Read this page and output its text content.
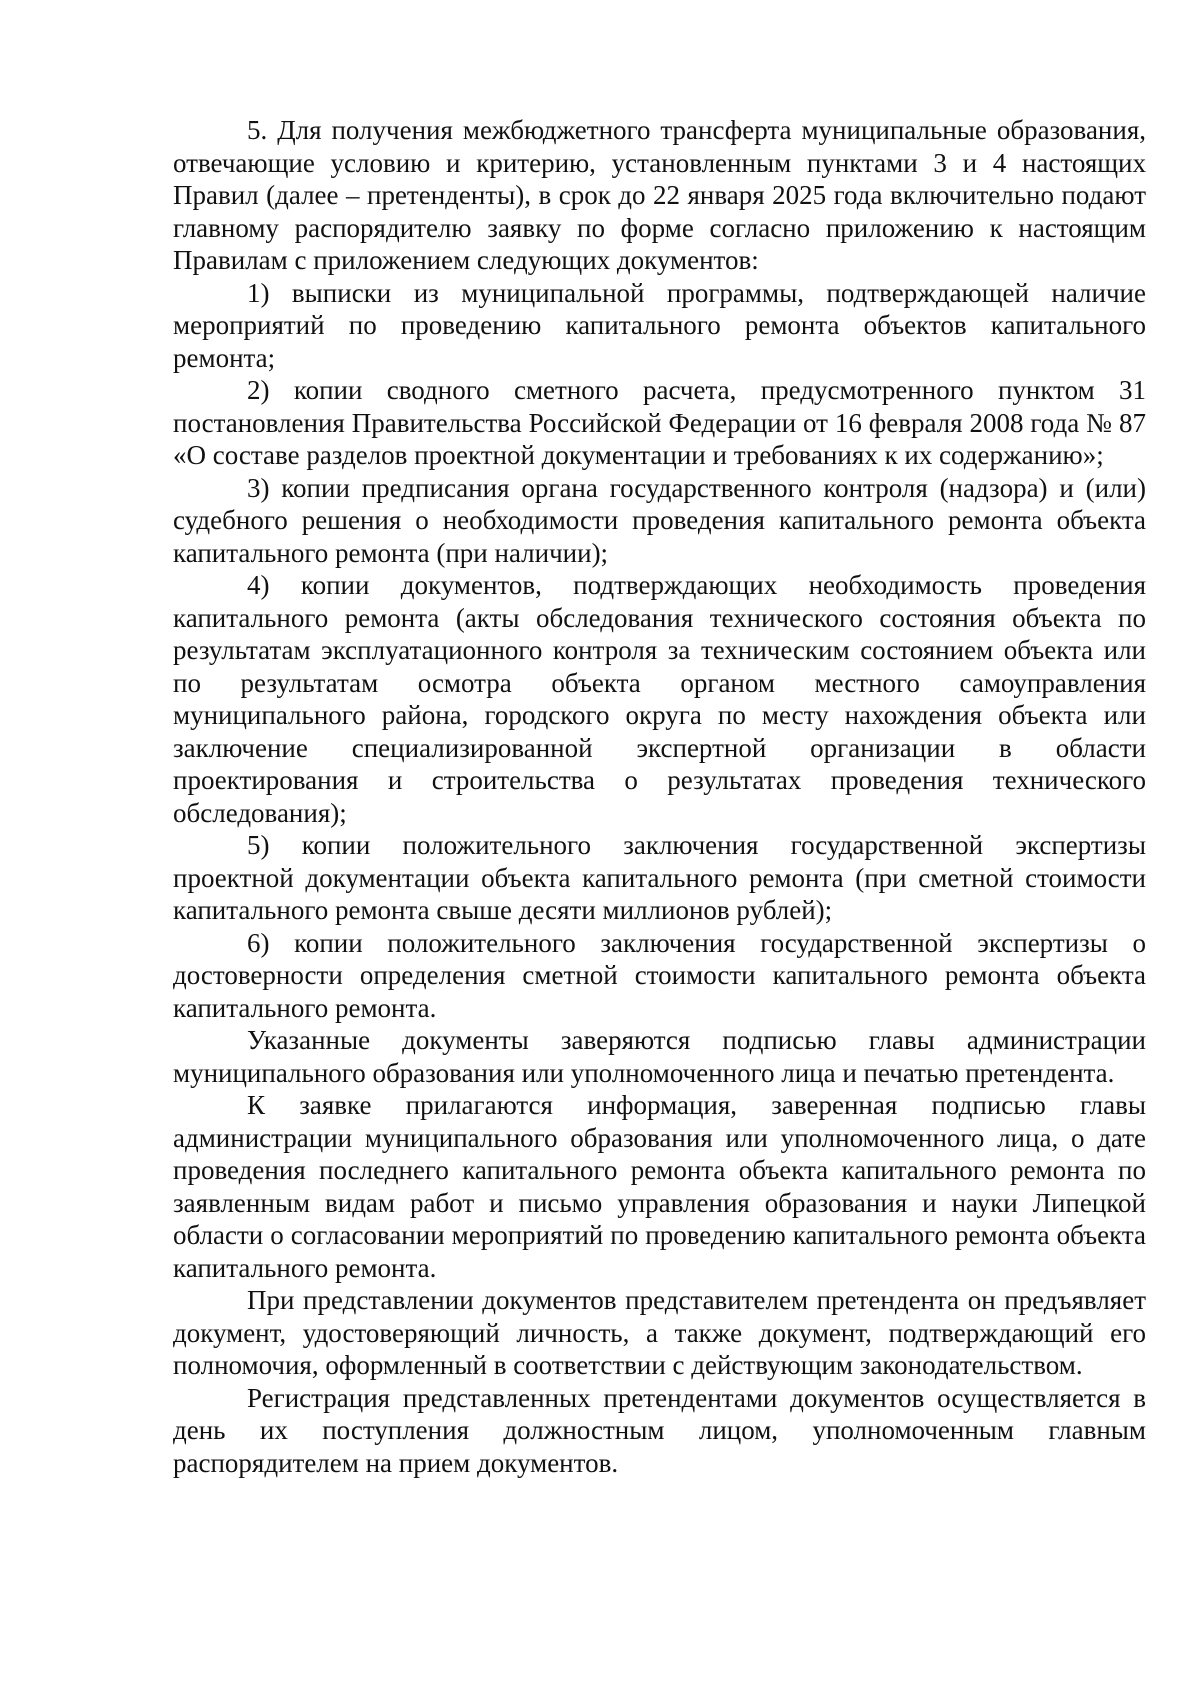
5. Для получения межбюджетного трансферта муниципальные образования, отвечающие условию и критерию, установленным пунктами 3 и 4 настоящих Правил (далее – претенденты), в срок до 22 января 2025 года включительно подают главному распорядителю заявку по форме согласно приложению к настоящим Правилам с приложением следующих документов:

1) выписки из муниципальной программы, подтверждающей наличие мероприятий по проведению капитального ремонта объектов капитального ремонта;

2) копии сводного сметного расчета, предусмотренного пунктом 31 постановления Правительства Российской Федерации от 16 февраля 2008 года № 87 «О составе разделов проектной документации и требованиях к их содержанию»;

3) копии предписания органа государственного контроля (надзора) и (или) судебного решения о необходимости проведения капитального ремонта объекта капитального ремонта (при наличии);

4) копии документов, подтверждающих необходимость проведения капитального ремонта (акты обследования технического состояния объекта по результатам эксплуатационного контроля за техническим состоянием объекта или по результатам осмотра объекта органом местного самоуправления муниципального района, городского округа по месту нахождения объекта или заключение специализированной экспертной организации в области проектирования и строительства о результатах проведения технического обследования);

5) копии положительного заключения государственной экспертизы проектной документации объекта капитального ремонта (при сметной стоимости капитального ремонта свыше десяти миллионов рублей);

6) копии положительного заключения государственной экспертизы о достоверности определения сметной стоимости капитального ремонта объекта капитального ремонта.

Указанные документы заверяются подписью главы администрации муниципального образования или уполномоченного лица и печатью претендента.

К заявке прилагаются информация, заверенная подписью главы администрации муниципального образования или уполномоченного лица, о дате проведения последнего капитального ремонта объекта капитального ремонта по заявленным видам работ и письмо управления образования и науки Липецкой области о согласовании мероприятий по проведению капитального ремонта объекта капитального ремонта.

При представлении документов представителем претендента он предъявляет документ, удостоверяющий личность, а также документ, подтверждающий его полномочия, оформленный в соответствии с действующим законодательством.

Регистрация представленных претендентами документов осуществляется в день их поступления должностным лицом, уполномоченным главным распорядителем на прием документов.
